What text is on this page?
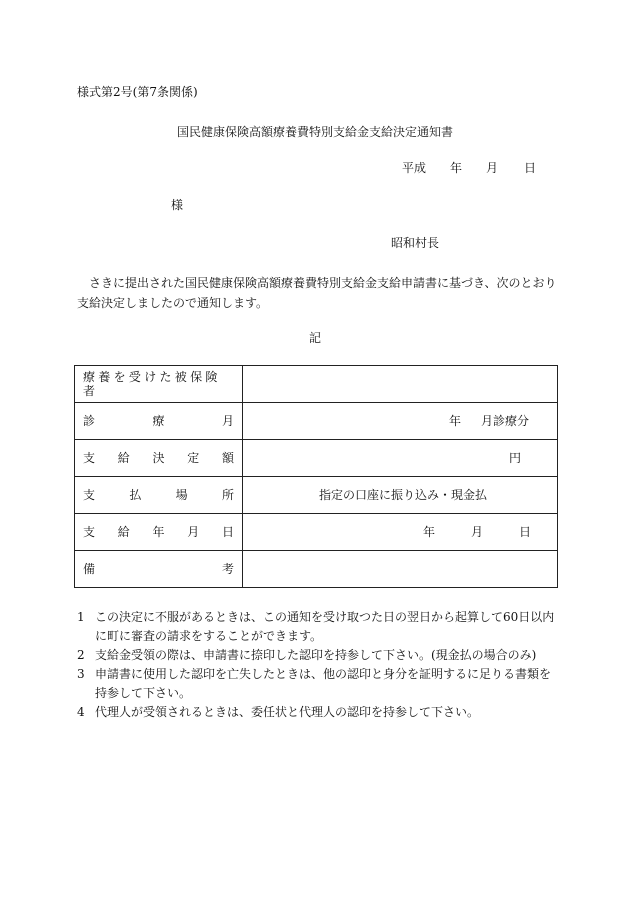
様式第2号(第7条関係)
国民健康保険高額療養費特別支給金支給決定通知書
平成 年 月 日
様
昭和村長
さきに提出された国民健康保険高額療養費特別支給金支給申請書に基づき、次のとおり支給決定しましたので通知します。
記
療養を受けた被保険者	

診 療 月	年 月診療分

支 給 決 定 額	円

支 払 場 所	指定の口座に振り込み・現金払

支 給 年 月 日	年 月 日

備 考	

1 この決定に不服があるときは、この通知を受け取つた日の翌日から起算して60日以内に町に審査の請求をすることができます。
2 支給金受領の際は、申請書に捺印した認印を持参して下さい。(現金払の場合のみ)
3 申請書に使用した認印を亡失したときは、他の認印と身分を証明するに足りる書類を持参して下さい。
4 代理人が受領されるときは、委任状と代理人の認印を持参して下さい。
